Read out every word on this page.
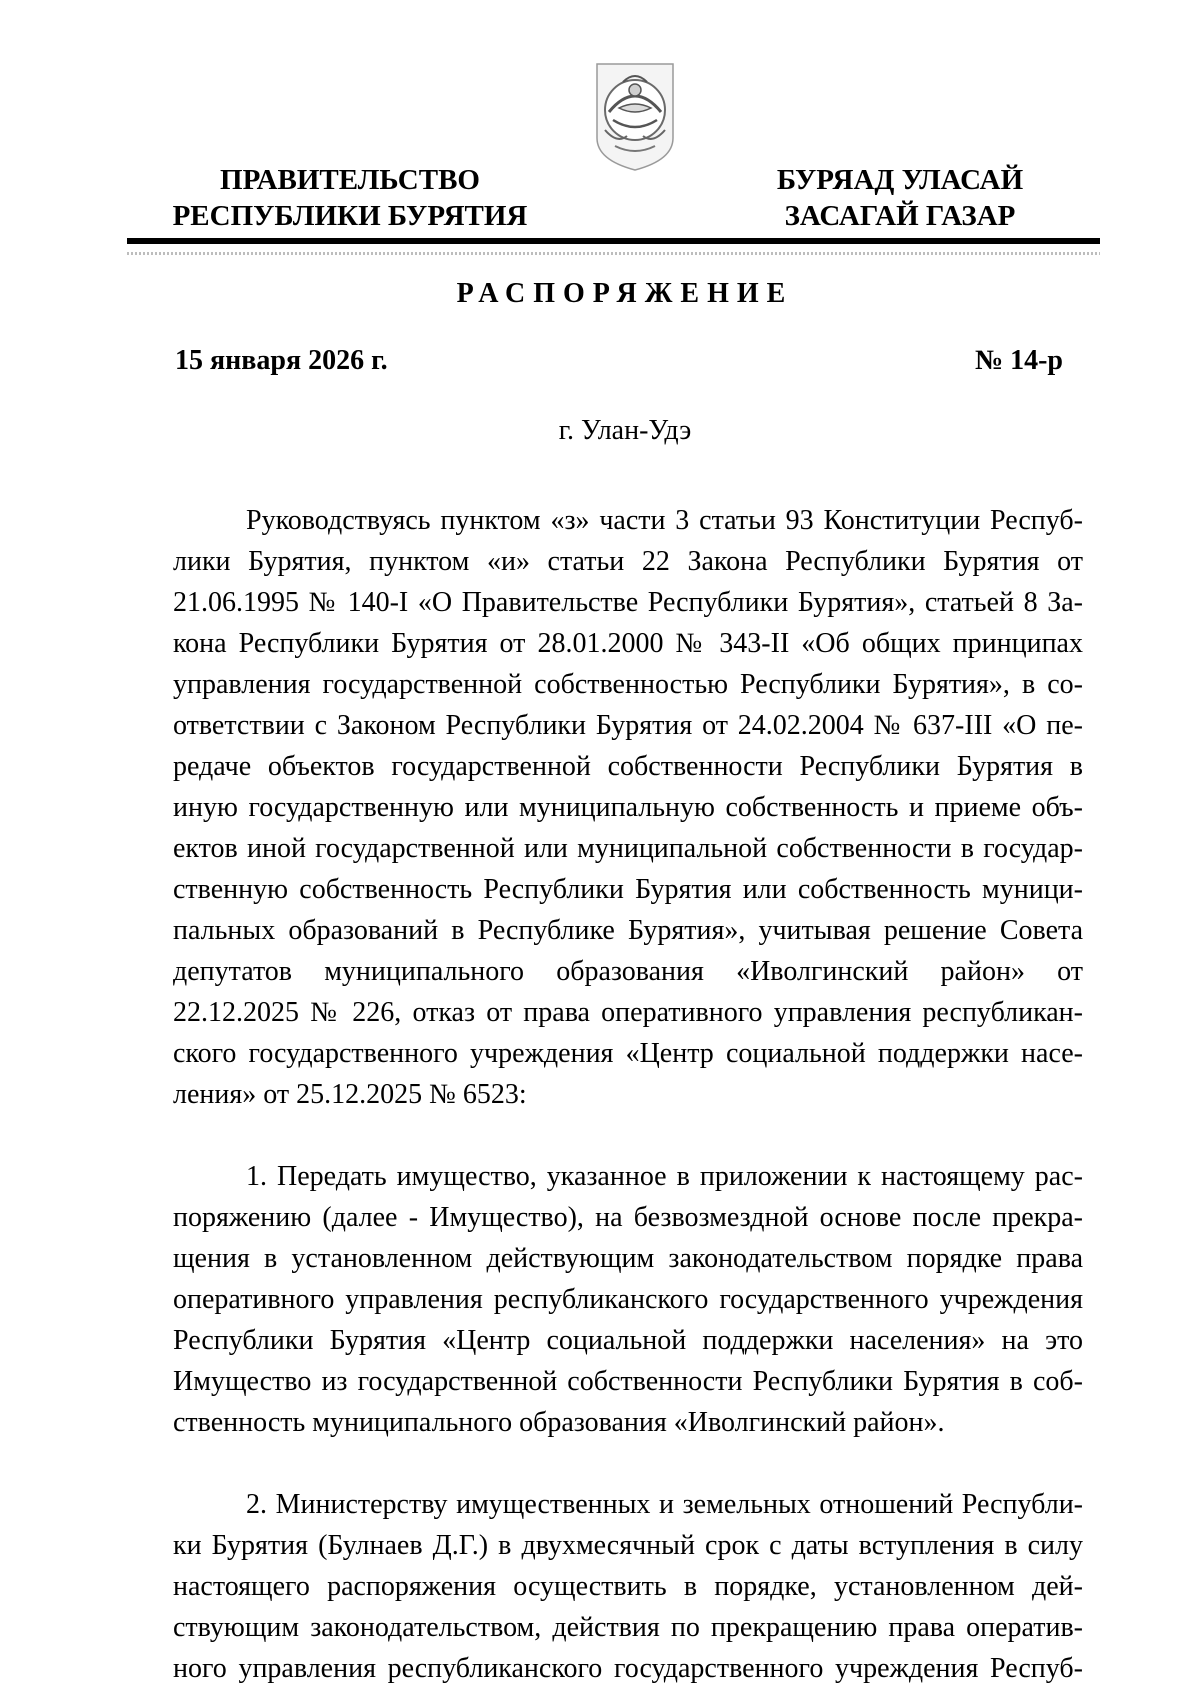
ПРАВИТЕЛЬСТВО
РЕСПУБЛИКИ БУРЯТИЯ
БУРЯАД УЛАСАЙ
ЗАСАГАЙ ГАЗАР
РАСПОРЯЖЕНИЕ
15 января 2026 г.	№ 14-р
г. Улан-Удэ

Руководствуясь пунктом «з» части 3 статьи 93 Конституции Республики Бурятия, пунктом «и» статьи 22 Закона Республики Бурятия от 21.06.1995 № 140-I «О Правительстве Республики Бурятия», статьей 8 Закона Республики Бурятия от 28.01.2000 № 343-II «Об общих принципах управления государственной собственностью Республики Бурятия», в соответствии с Законом Республики Бурятия от 24.02.2004 № 637-III «О передаче объектов государственной собственности Республики Бурятия в иную государственную или муниципальную собственность и приеме объектов иной государственной или муниципальной собственности в государственную собственность Республики Бурятия или собственность муниципальных образований в Республике Бурятия», учитывая решение Совета депутатов муниципального образования «Иволгинский район» от 22.12.2025 № 226, отказ от права оперативного управления республиканского государственного учреждения «Центр социальной поддержки населения» от 25.12.2025 № 6523:

1. Передать имущество, указанное в приложении к настоящему распоряжению (далее - Имущество), на безвозмездной основе после прекращения в установленном действующим законодательством порядке права оперативного управления республиканского государственного учреждения Республики Бурятия «Центр социальной поддержки населения» на это Имущество из государственной собственности Республики Бурятия в собственность муниципального образования «Иволгинский район».

2. Министерству имущественных и земельных отношений Республики Бурятия (Булнаев Д.Г.) в двухмесячный срок с даты вступления в силу настоящего распоряжения осуществить в порядке, установленном действующим законодательством, действия по прекращению права оперативного управления республиканского государственного учреждения Респуб-
